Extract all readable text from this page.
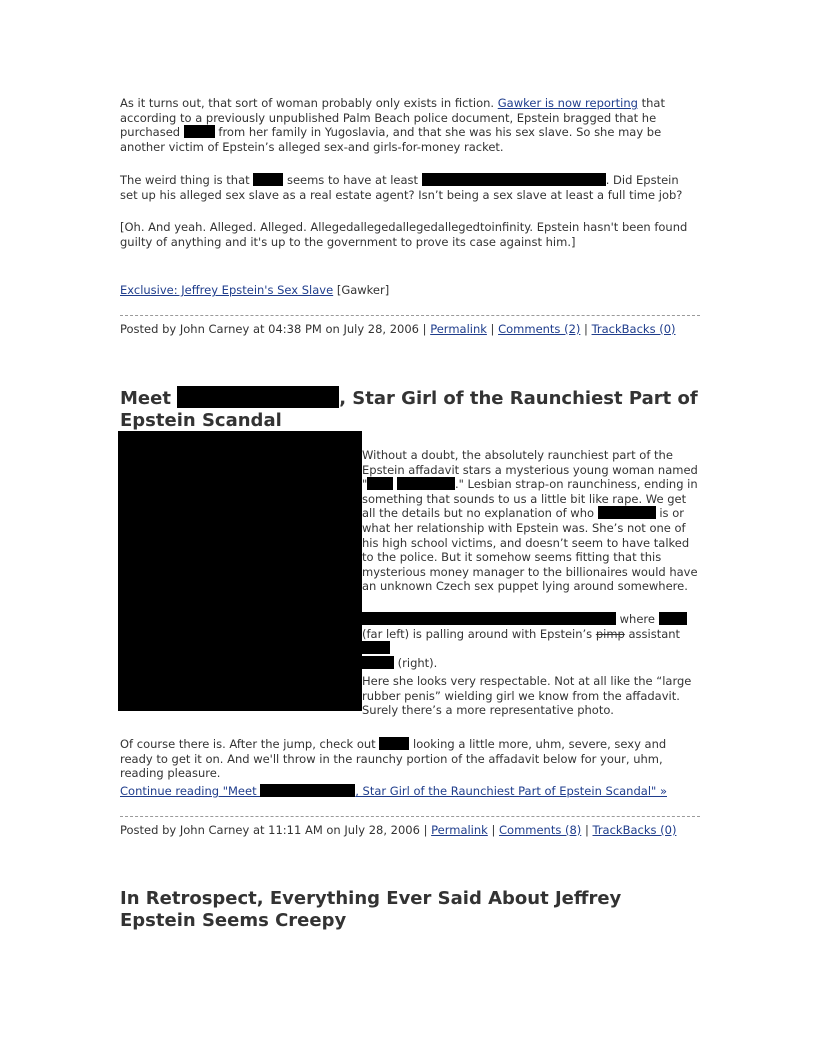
As it turns out, that sort of woman probably only exists in fiction. Gawker is now reporting that according to a previously unpublished Palm Beach police document, Epstein bragged that he purchased	from her family in Yugoslavia, and that she was his sex slave. So she may be another victim of Epstein’s alleged sex-and girls-for-money racket.

The weird thing is that	seems to have at least	. Did Epstein set up his alleged sex slave as a real estate agent? Isn’t being a sex slave at least a full time job?

[Oh. And yeah. Alleged. Alleged. Allegedallegedallegedallegedtoinfinity. Epstein hasn't been found guilty of anything and it's up to the government to prove its case against him.]

Exclusive: Jeffrey Epstein's Sex Slave [Gawker]

Posted by John Carney at 04:38 PM on July 28, 2006 | Permalink | Comments (2) | TrackBacks (0)
Meet	, Star Girl of the Raunchiest Part of Epstein Scandal
Without a doubt, the absolutely raunchiest part of the Epstein affadavit stars a mysterious young woman named "	." Lesbian strap-on raunchiness, ending in something that sounds to us a little bit like rape. We get all the details but no explanation of who	is or what her relationship with Epstein was. She’s not one of his high school victims, and doesn’t seem to have talked to the police. But it somehow seems fitting that this mysterious money manager to the billionaires would have an unknown Czech sex puppet lying around somewhere.
where
(far left) is palling around with Epstein’s pimp assistant
(right).
Here she looks very respectable. Not at all like the “large rubber penis” wielding girl we know from the affadavit. Surely there’s a more representative photo.

Of course there is. After the jump, check out	looking a little more, uhm, severe, sexy and ready to get it on. And we'll throw in the raunchy portion of the affadavit below for your, uhm, reading pleasure.

Continue reading "Meet	, Star Girl of the Raunchiest Part of Epstein Scandal" »

Posted by John Carney at 11:11 AM on July 28, 2006 | Permalink | Comments (8) | TrackBacks (0)
In Retrospect, Everything Ever Said About Jeffrey Epstein Seems Creepy
